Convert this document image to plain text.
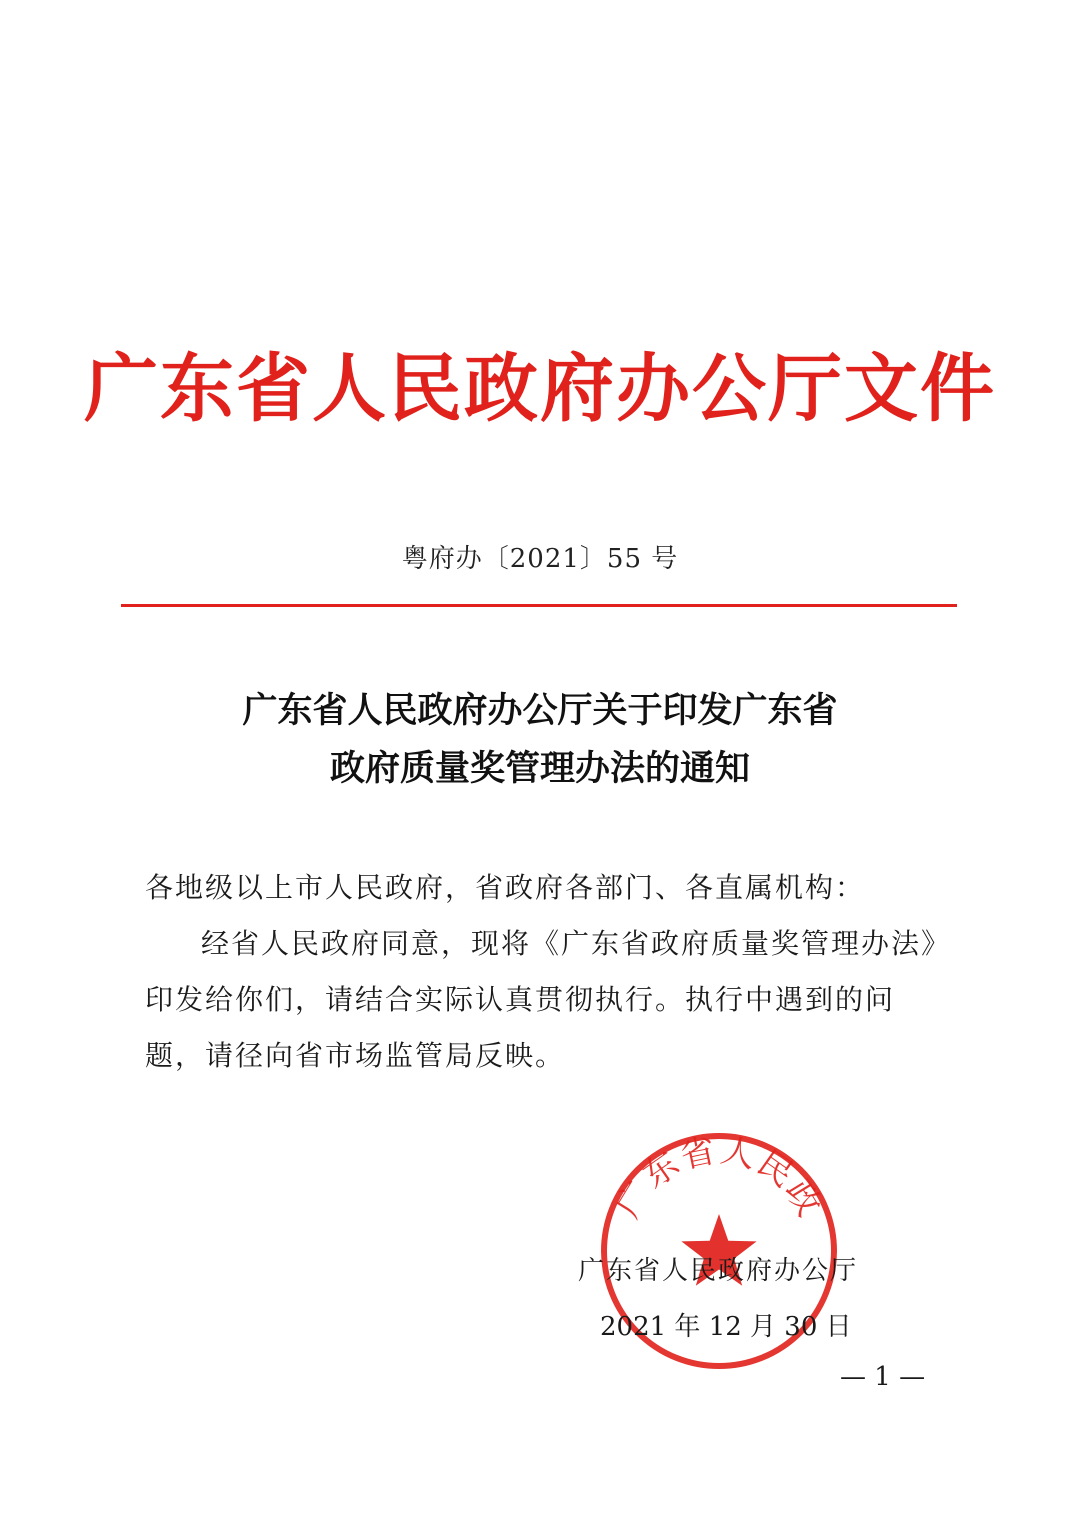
广东省人民政府办公厅文件
粤府办〔2021〕55 号
广东省人民政府办公厅关于印发广东省
政府质量奖管理办法的通知

各地级以上市人民政府，省政府各部门、各直属机构：

经省人民政府同意，现将《广东省政府质量奖管理办法》印发给你们，请结合实际认真贯彻执行。执行中遇到的问题，请径向省市场监管局反映。

广东省人民政
广东省人民政府办公厅
2021 年 12 月 30 日
— 1 —
